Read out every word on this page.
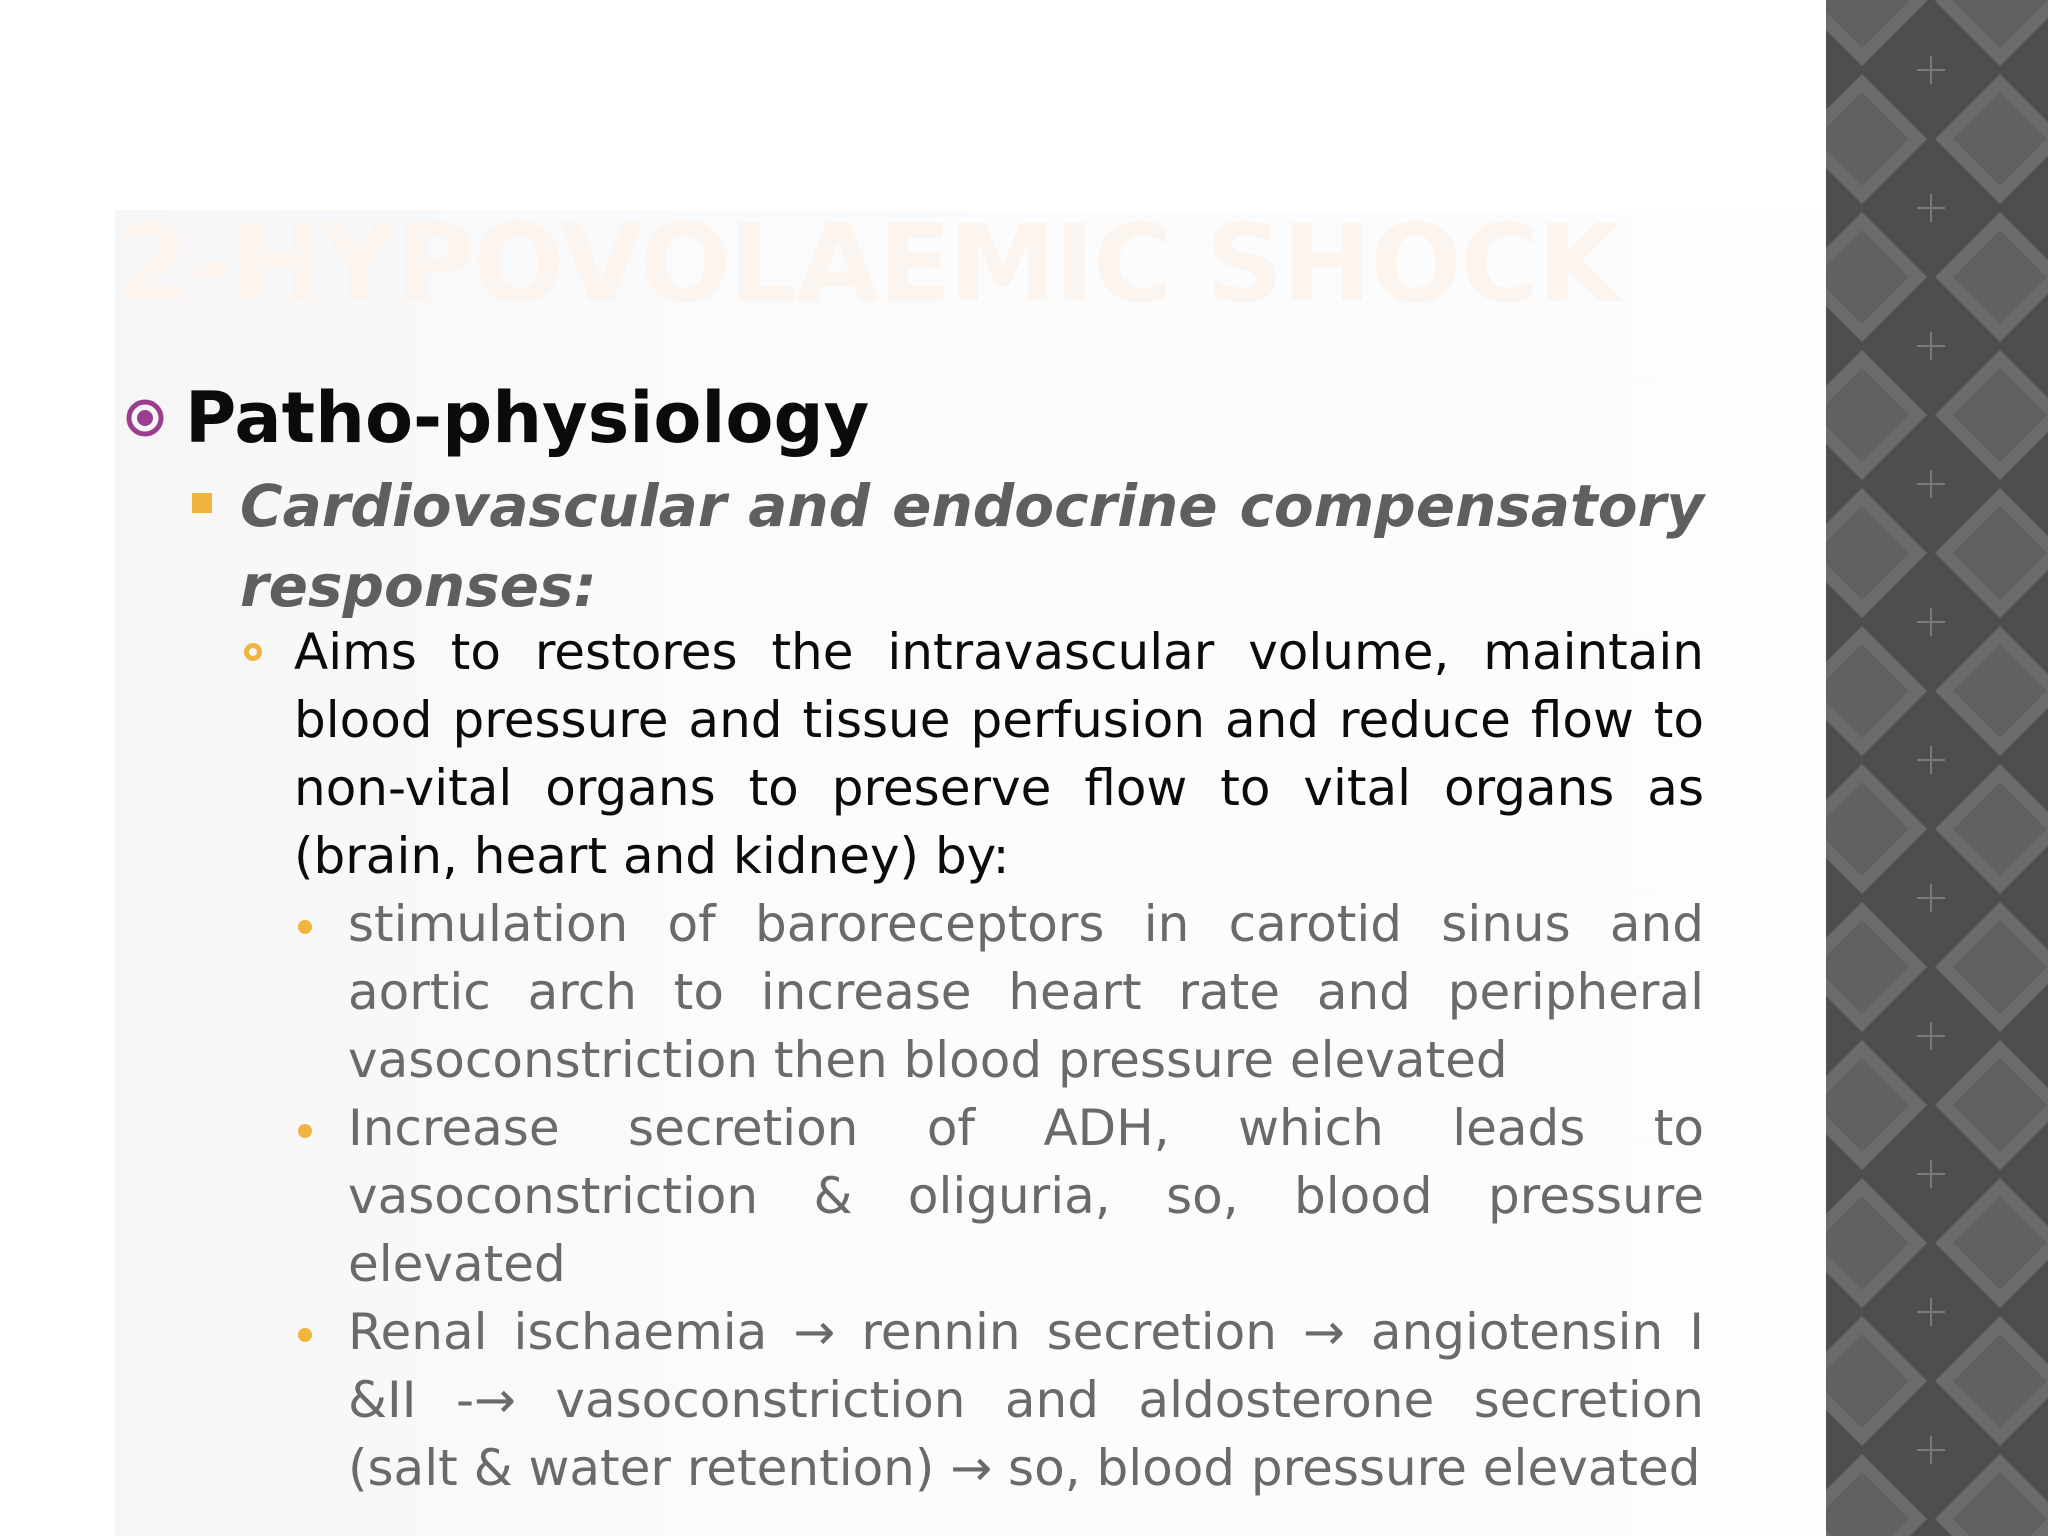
2-HYPOVOLAEMIC SHOCK
Patho-physiology

Cardiovascular and endocrine compensatory responses:

Aims to restores the intravascular volume, maintain blood pressure and tissue perfusion and reduce flow to non-vital organs to preserve flow to vital organs as (brain, heart and kidney) by:

stimulation of baroreceptors in carotid sinus and aortic arch to increase heart rate and peripheral vasoconstriction then blood pressure elevated

Increase secretion of ADH, which leads to vasoconstriction & oliguria, so, blood pressure elevated

Renal ischaemia → rennin secretion → angiotensin I &II -→ vasoconstriction and aldosterone secretion (salt & water retention) → so, blood pressure elevated
